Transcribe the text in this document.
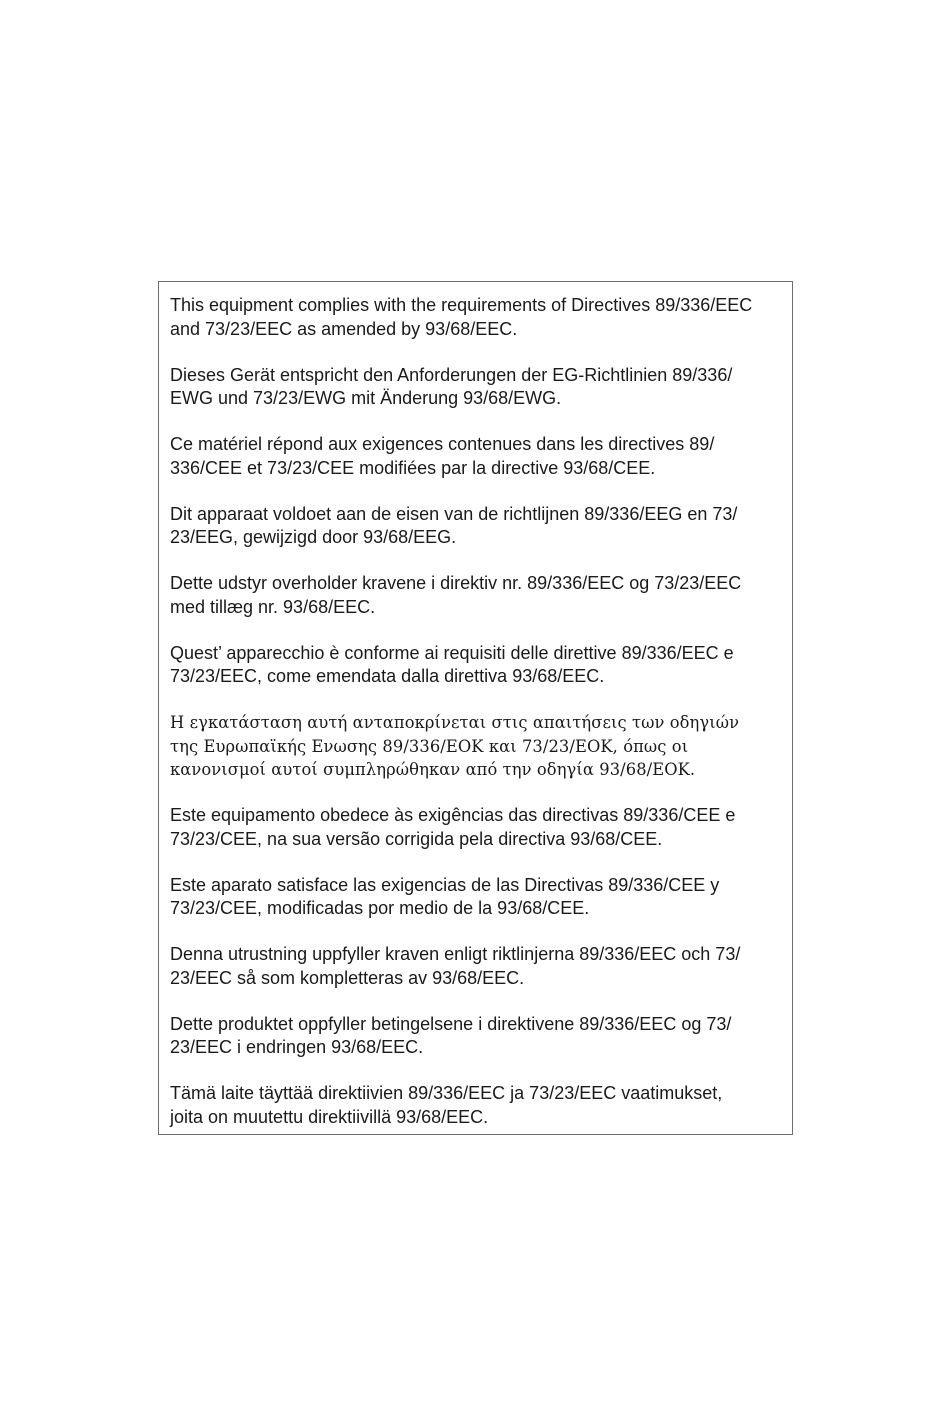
This equipment complies with the requirements of Directives 89/336/EEC
and 73/23/EEC as amended by 93/68/EEC.

Dieses Gerät entspricht den Anforderungen der EG-Richtlinien 89/336/
EWG und 73/23/EWG mit Änderung 93/68/EWG.

Ce matériel répond aux exigences contenues dans les directives 89/
336/CEE et 73/23/CEE modifiées par la directive 93/68/CEE.

Dit apparaat voldoet aan de eisen van de richtlijnen 89/336/EEG en 73/
23/EEG, gewijzigd door 93/68/EEG.

Dette udstyr overholder kravene i direktiv nr. 89/336/EEC og 73/23/EEC
med tillæg nr. 93/68/EEC.

Quest’ apparecchio è conforme ai requisiti delle direttive 89/336/EEC e
73/23/EEC, come emendata dalla direttiva 93/68/EEC.

Η εγκατάσταση αυτή ανταποκρίνεται στις απαιτήσεις των οδηγιών
της Ευρωπαϊκής Ενωσης 89/336/ΕΟΚ και 73/23/ΕΟΚ, όπως οι
κανονισμοί αυτοί συμπληρώθηκαν από την οδηγία 93/68/ΕΟΚ.

Este equipamento obedece às exigências das directivas 89/336/CEE e
73/23/CEE, na sua versão corrigida pela directiva 93/68/CEE.

Este aparato satisface las exigencias de las Directivas 89/336/CEE y
73/23/CEE, modificadas por medio de la 93/68/CEE.

Denna utrustning uppfyller kraven enligt riktlinjerna 89/336/EEC och 73/
23/EEC så som kompletteras av 93/68/EEC.

Dette produktet oppfyller betingelsene i direktivene 89/336/EEC og 73/
23/EEC i endringen 93/68/EEC.

Tämä laite täyttää direktiivien 89/336/EEC ja 73/23/EEC vaatimukset,
joita on muutettu direktiivillä 93/68/EEC.
